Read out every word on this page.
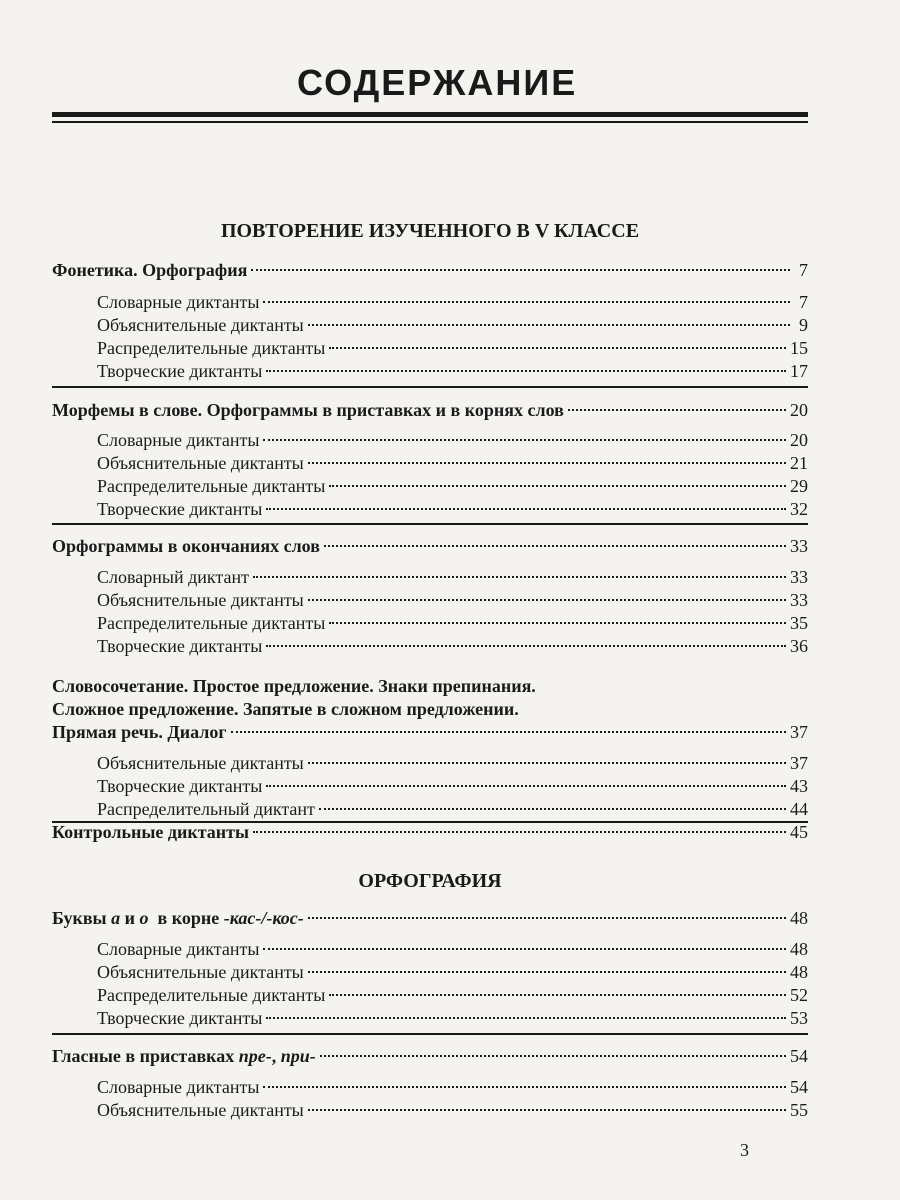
СОДЕРЖАНИЕ
ПОВТОРЕНИЕ ИЗУЧЕННОГО В V КЛАССЕ
Фонетика. Орфография	7
Словарные диктанты	7
Объяснительные диктанты	9
Распределительные диктанты	15
Творческие диктанты	17
Морфемы в слове. Орфограммы в приставках и в корнях слов	20
Словарные диктанты	20
Объяснительные диктанты	21
Распределительные диктанты	29
Творческие диктанты	32
Орфограммы в окончаниях слов	33
Словарный диктант	33
Объяснительные диктанты	33
Распределительные диктанты	35
Творческие диктанты	36
Словосочетание. Простое предложение. Знаки препинания.
Сложное предложение. Запятые в сложном предложении.
Прямая речь. Диалог	37
Объяснительные диктанты	37
Творческие диктанты	43
Распределительный диктант	44
Контрольные диктанты	45
ОРФОГРАФИЯ
Буквы а и о  в корне -кас-/-кос-	48
Словарные диктанты	48
Объяснительные диктанты	48
Распределительные диктанты	52
Творческие диктанты	53
Гласные в приставках пре-, при-	54
Словарные диктанты	54
Объяснительные диктанты	55
3
